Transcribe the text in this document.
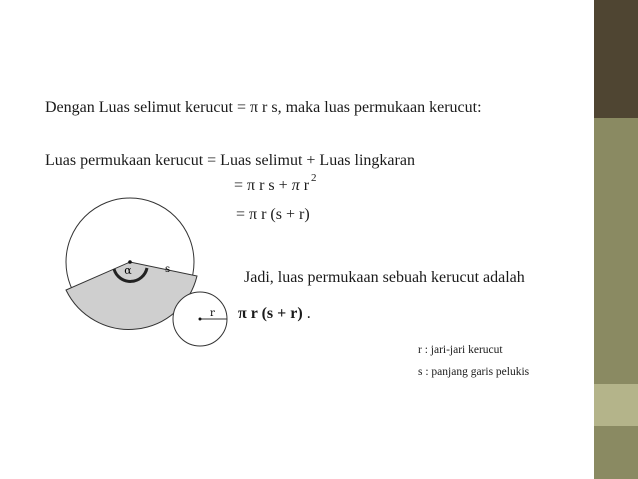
Dengan Luas selimut kerucut = π r s, maka luas permukaan kerucut:
Luas permukaan kerucut = Luas selimut + Luas lingkaran
= π r s + π r $^2$
= π r (s + r)
Jadi, luas permukaan sebuah kerucut adalah
π r (s + r) .
r : jari-jari kerucut
s : panjang garis pelukis
α	s
r
